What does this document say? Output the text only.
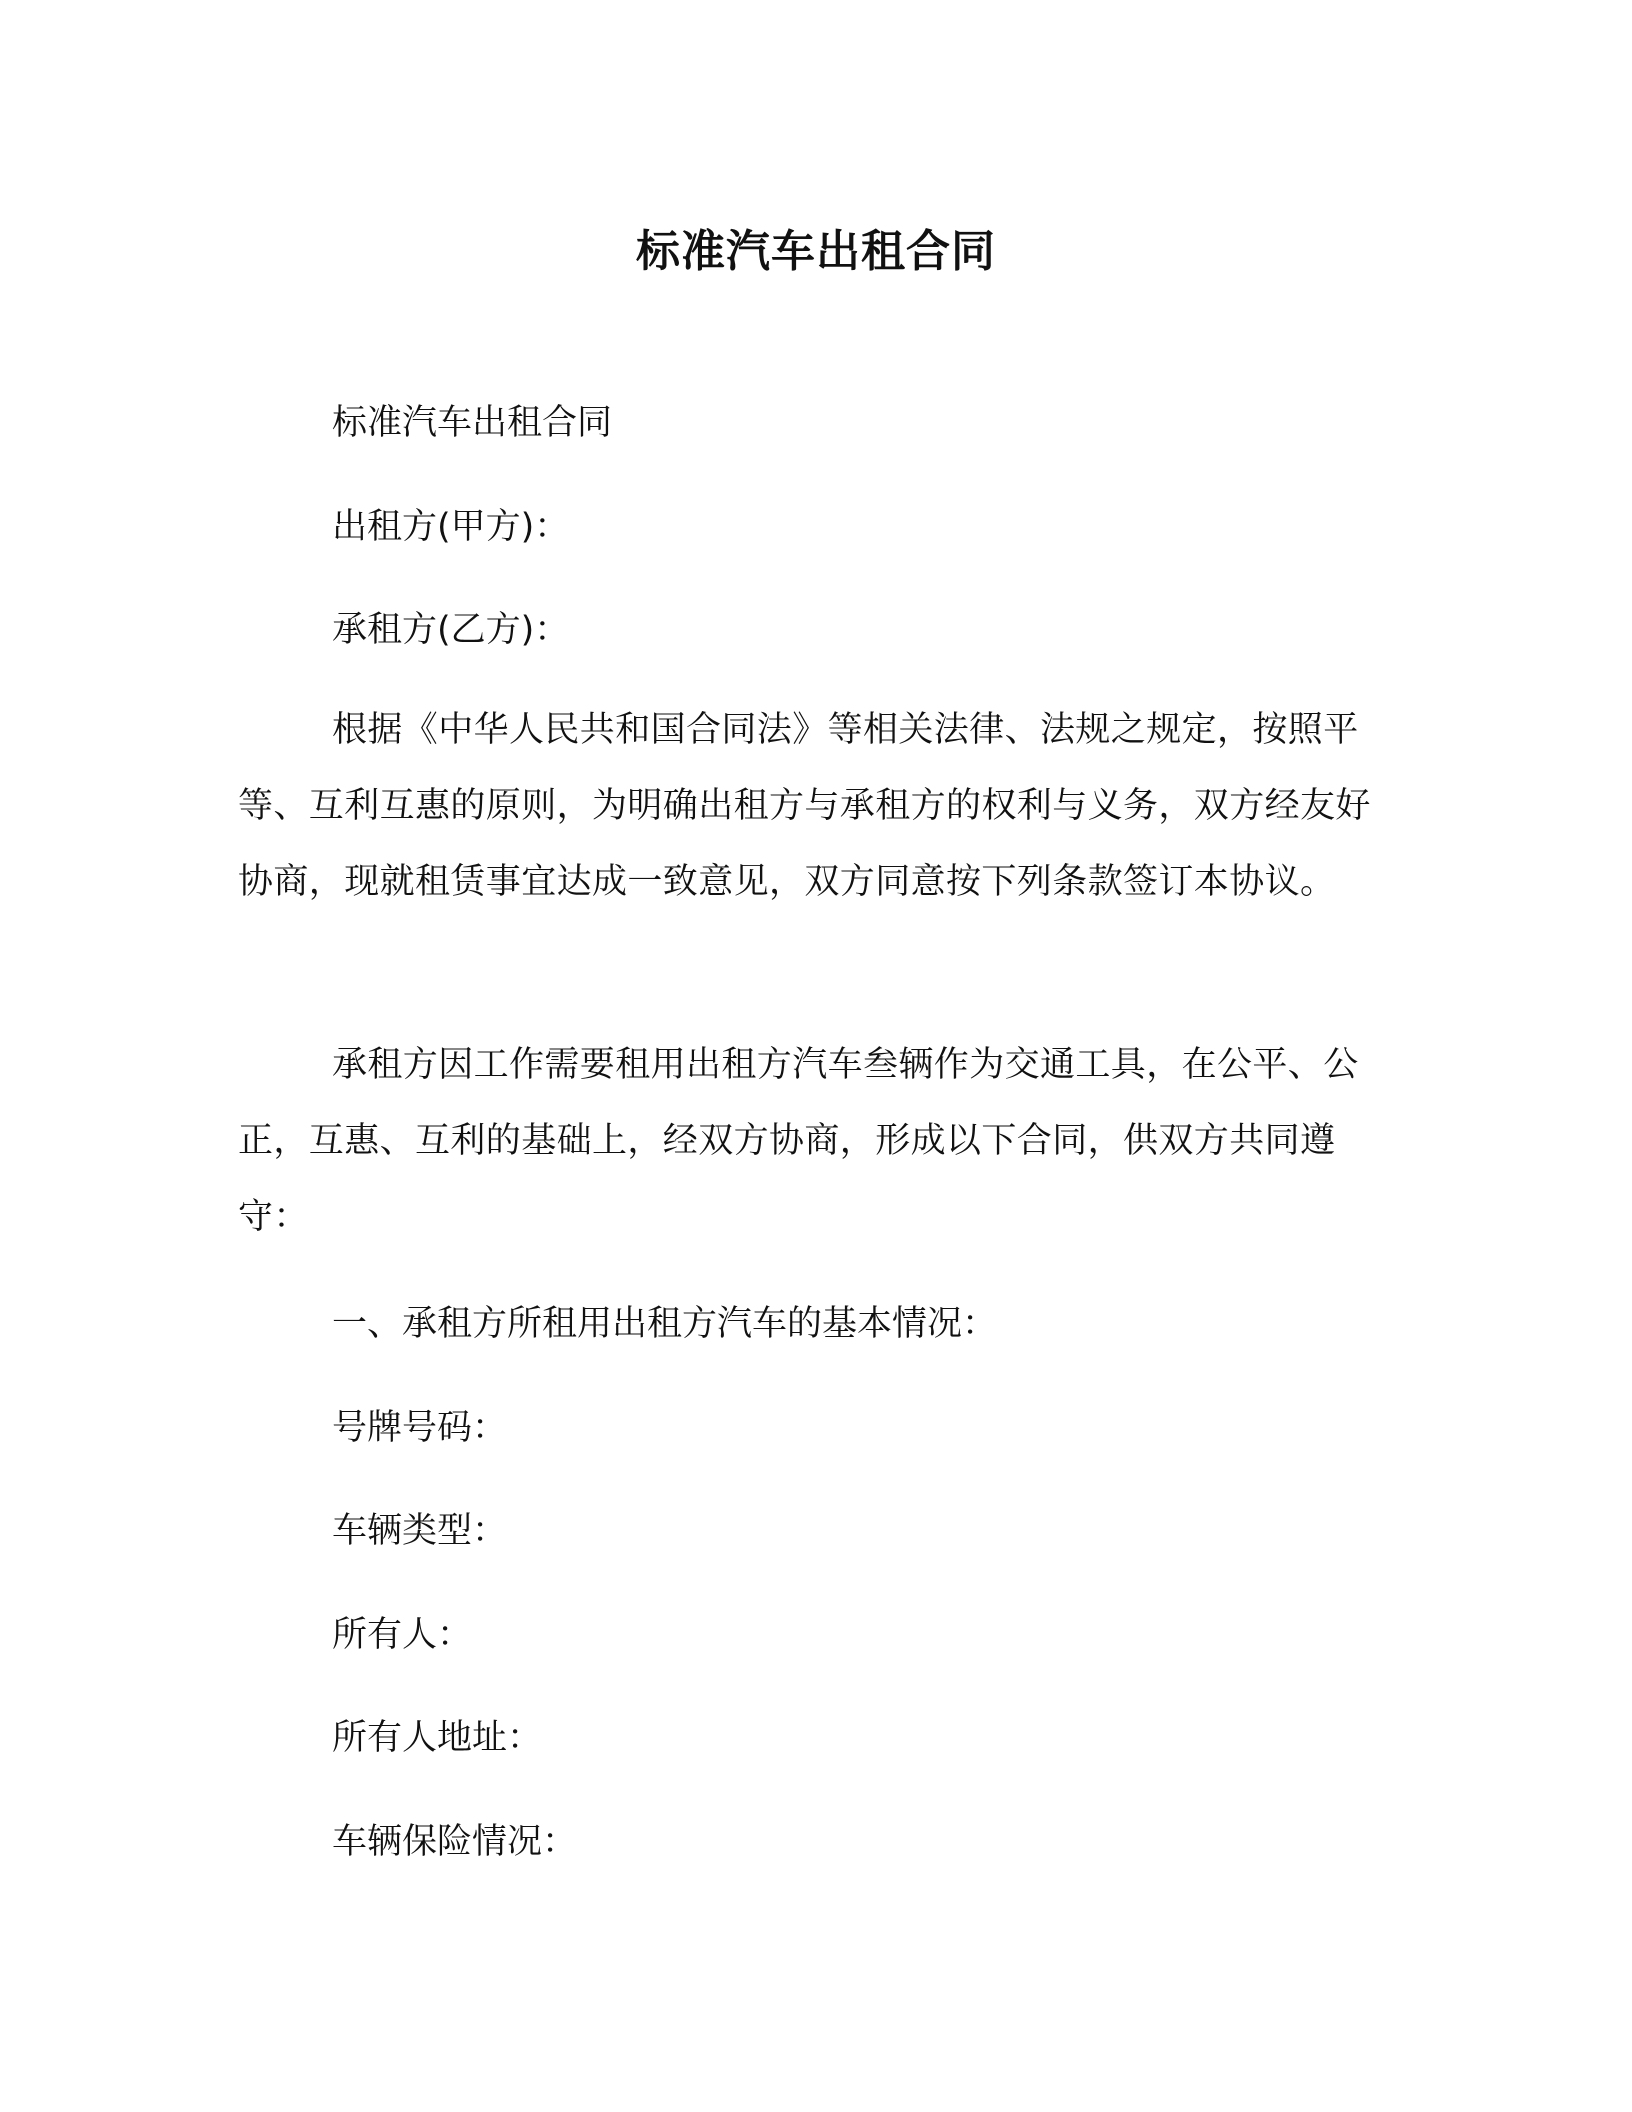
标准汽车出租合同
标准汽车出租合同
出租方(甲方)：
承租方(乙方)：
根据《中华人民共和国合同法》等相关法律、法规之规定，按照平等、互利互惠的原则，为明确出租方与承租方的权利与义务，双方经友好协商，现就租赁事宜达成一致意见，双方同意按下列条款签订本协议。
承租方因工作需要租用出租方汽车叁辆作为交通工具，在公平、公正，互惠、互利的基础上，经双方协商，形成以下合同，供双方共同遵守：
一、承租方所租用出租方汽车的基本情况：
号牌号码：
车辆类型：
所有人：
所有人地址：
车辆保险情况：
